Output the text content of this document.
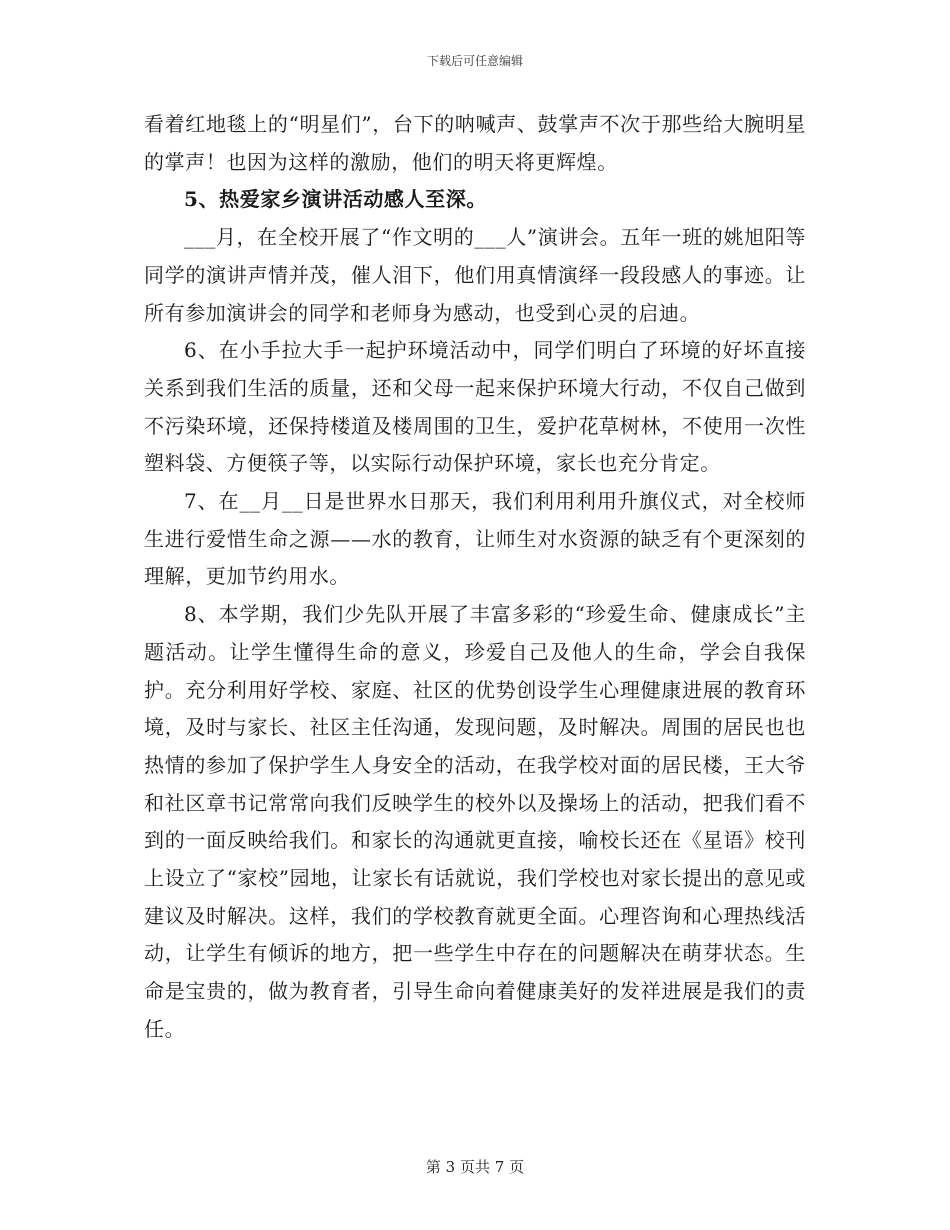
下载后可任意编辑

看着红地毯上的“明星们”，台下的呐喊声、鼓掌声不次于那些给大腕明星的掌声！也因为这样的激励，他们的明天将更辉煌。

5、热爱家乡演讲活动感人至深。

___月，在全校开展了“作文明的___人”演讲会。五年一班的姚旭阳等同学的演讲声情并茂，催人泪下，他们用真情演绎一段段感人的事迹。让所有参加演讲会的同学和老师身为感动，也受到心灵的启迪。

6、在小手拉大手一起护环境活动中，同学们明白了环境的好坏直接关系到我们生活的质量，还和父母一起来保护环境大行动，不仅自己做到不污染环境，还保持楼道及楼周围的卫生，爱护花草树林，不使用一次性塑料袋、方便筷子等，以实际行动保护环境，家长也充分肯定。

7、在__月__日是世界水日那天，我们利用利用升旗仪式，对全校师生进行爱惜生命之源——水的教育，让师生对水资源的缺乏有个更深刻的理解，更加节约用水。

8、本学期，我们少先队开展了丰富多彩的“珍爱生命、健康成长”主题活动。让学生懂得生命的意义，珍爱自己及他人的生命，学会自我保护。充分利用好学校、家庭、社区的优势创设学生心理健康进展的教育环境，及时与家长、社区主任沟通，发现问题，及时解决。周围的居民也也热情的参加了保护学生人身安全的活动，在我学校对面的居民楼，王大爷和社区章书记常常向我们反映学生的校外以及操场上的活动，把我们看不到的一面反映给我们。和家长的沟通就更直接，喻校长还在《星语》校刊上设立了“家校”园地，让家长有话就说，我们学校也对家长提出的意见或建议及时解决。这样，我们的学校教育就更全面。心理咨询和心理热线活动，让学生有倾诉的地方，把一些学生中存在的问题解决在萌芽状态。生命是宝贵的，做为教育者，引导生命向着健康美好的发祥进展是我们的责任。

第 3 页共 7 页
